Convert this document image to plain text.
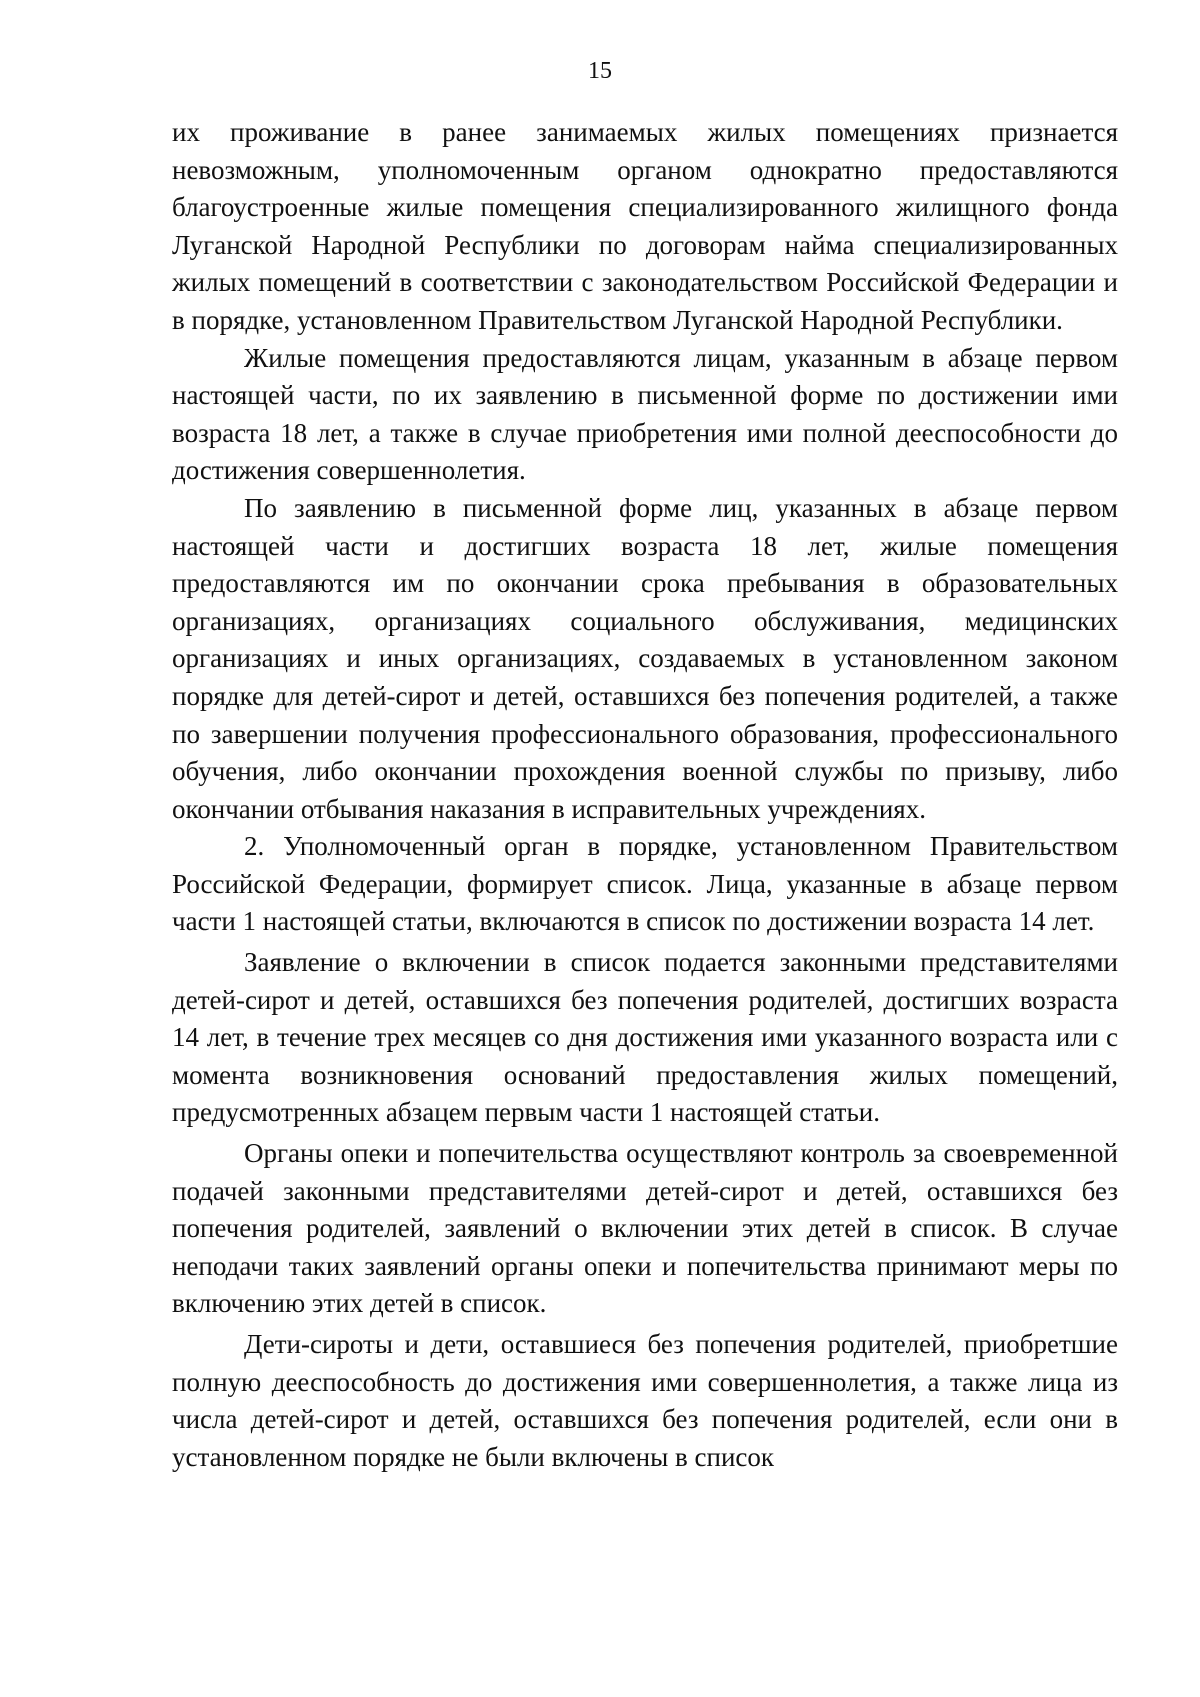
15

их проживание в ранее занимаемых жилых помещениях признается невозможным, уполномоченным органом однократно предоставляются благоустроенные жилые помещения специализированного жилищного фонда Луганской Народной Республики по договорам найма специализированных жилых помещений в соответствии с законодательством Российской Федерации и в порядке, установленном Правительством Луганской Народной Республики.

Жилые помещения предоставляются лицам, указанным в абзаце первом настоящей части, по их заявлению в письменной форме по достижении ими возраста 18 лет, а также в случае приобретения ими полной дееспособности до достижения совершеннолетия.

По заявлению в письменной форме лиц, указанных в абзаце первом настоящей части и достигших возраста 18 лет, жилые помещения предоставляются им по окончании срока пребывания в образовательных организациях, организациях социального обслуживания, медицинских организациях и иных организациях, создаваемых в установленном законом порядке для детей-сирот и детей, оставшихся без попечения родителей, а также по завершении получения профессионального образования, профессионального обучения, либо окончании прохождения военной службы по призыву, либо окончании отбывания наказания в исправительных учреждениях.

2. Уполномоченный орган в порядке, установленном Правительством Российской Федерации, формирует список. Лица, указанные в абзаце первом части 1 настоящей статьи, включаются в список по достижении возраста 14 лет.

Заявление о включении в список подается законными представителями детей-сирот и детей, оставшихся без попечения родителей, достигших возраста 14 лет, в течение трех месяцев со дня достижения ими указанного возраста или с момента возникновения оснований предоставления жилых помещений, предусмотренных абзацем первым части 1 настоящей статьи.

Органы опеки и попечительства осуществляют контроль за своевременной подачей законными представителями детей-сирот и детей, оставшихся без попечения родителей, заявлений о включении этих детей в список. В случае неподачи таких заявлений органы опеки и попечительства принимают меры по включению этих детей в список.

Дети-сироты и дети, оставшиеся без попечения родителей, приобретшие полную дееспособность до достижения ими совершеннолетия, а также лица из числа детей-сирот и детей, оставшихся без попечения родителей, если они в установленном порядке не были включены в список
